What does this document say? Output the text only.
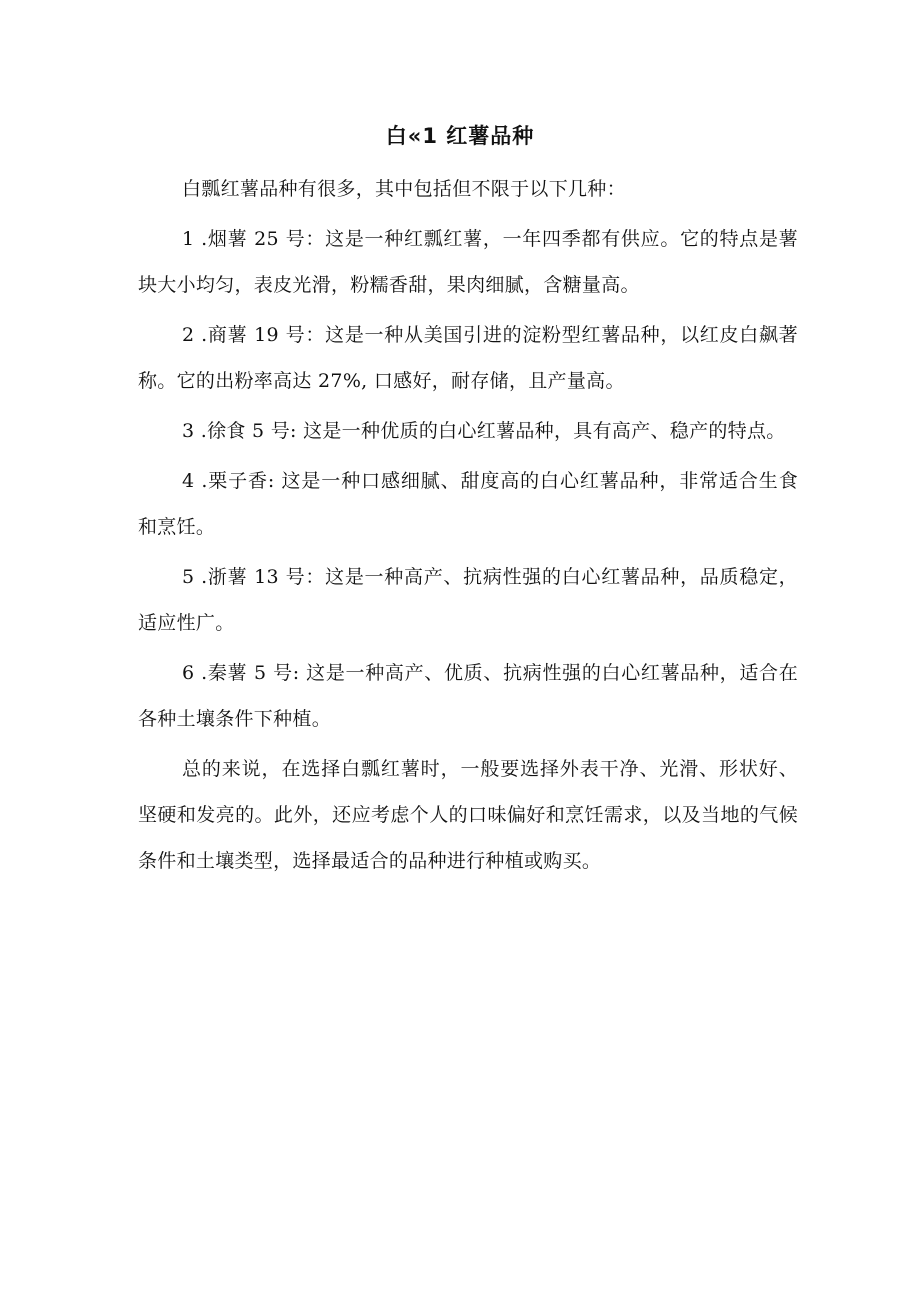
白«1 红薯品种

白瓢红薯品种有很多，其中包括但不限于以下几种：

1 .烟薯 25 号：这是一种红瓢红薯，一年四季都有供应。它的特点是薯块大小均匀，表皮光滑，粉糯香甜，果肉细腻，含糖量高。

2 .商薯 19 号：这是一种从美国引进的淀粉型红薯品种，以红皮白飙著称。它的出粉率高达 27%, 口感好，耐存储，且产量高。

3 .徐食 5 号: 这是一种优质的白心红薯品种，具有高产、稳产的特点。

4 .栗子香: 这是一种口感细腻、甜度高的白心红薯品种，非常适合生食和烹饪。

5 .浙薯 13 号：这是一种高产、抗病性强的白心红薯品种，品质稳定，适应性广。

6 .秦薯 5 号: 这是一种高产、优质、抗病性强的白心红薯品种，适合在各种土壤条件下种植。

总的来说，在选择白瓢红薯时，一般要选择外表干净、光滑、形状好、坚硬和发亮的。此外，还应考虑个人的口味偏好和烹饪需求，以及当地的气候条件和土壤类型，选择最适合的品种进行种植或购买。
